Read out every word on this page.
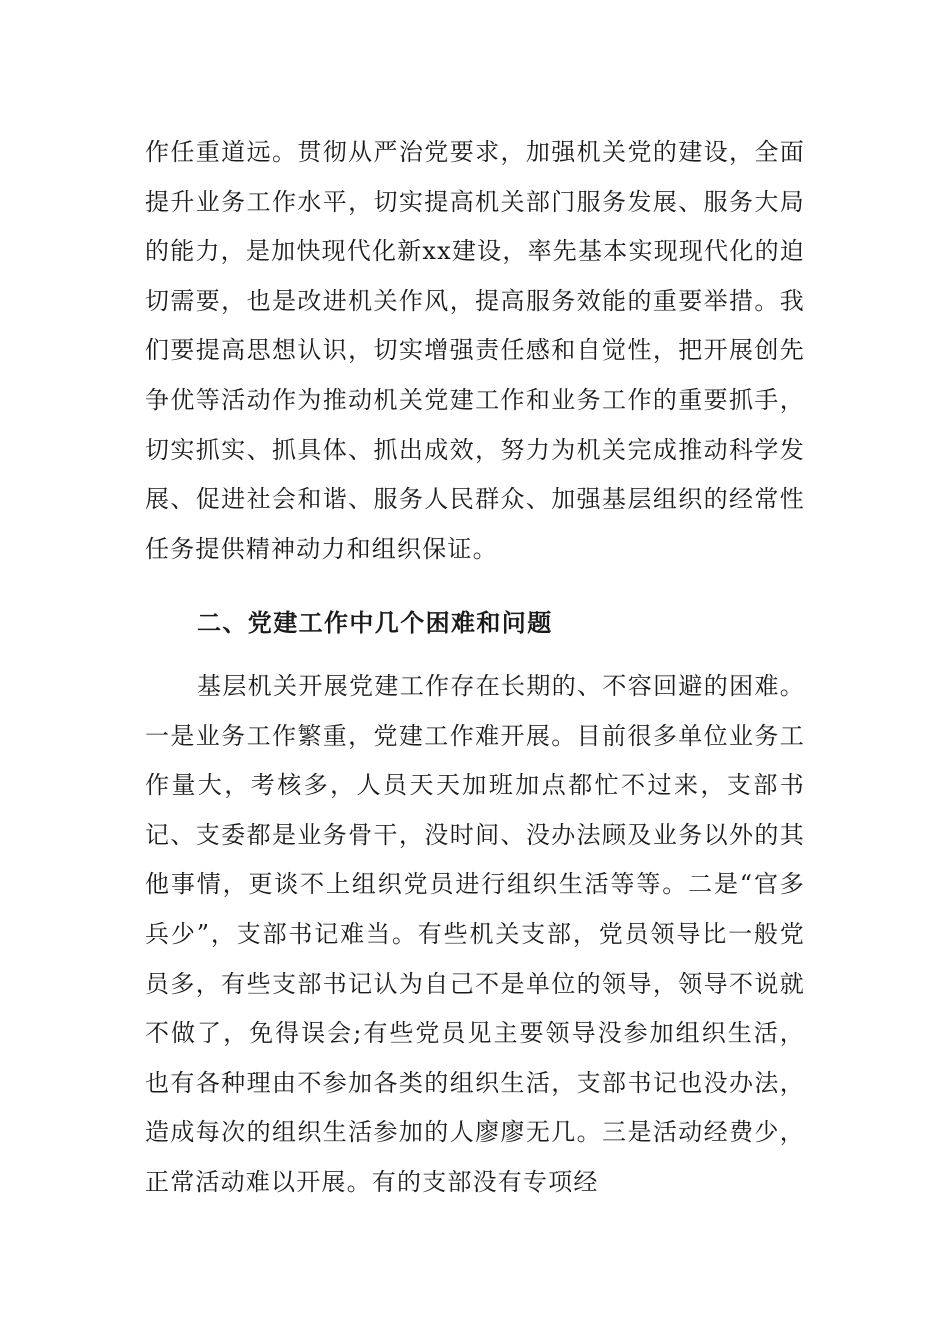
作任重道远。贯彻从严治党要求，加强机关党的建设，全面提升业务工作水平，切实提高机关部门服务发展、服务大局的能力，是加快现代化新xx建设，率先基本实现现代化的迫切需要，也是改进机关作风，提高服务效能的重要举措。我们要提高思想认识，切实增强责任感和自觉性，把开展创先争优等活动作为推动机关党建工作和业务工作的重要抓手，切实抓实、抓具体、抓出成效，努力为机关完成推动科学发展、促进社会和谐、服务人民群众、加强基层组织的经常性任务提供精神动力和组织保证。

二、党建工作中几个困难和问题

基层机关开展党建工作存在长期的、不容回避的困难。一是业务工作繁重，党建工作难开展。目前很多单位业务工作量大，考核多，人员天天加班加点都忙不过来，支部书记、支委都是业务骨干，没时间、没办法顾及业务以外的其他事情，更谈不上组织党员进行组织生活等等。二是“官多兵少”，支部书记难当。有些机关支部，党员领导比一般党员多，有些支部书记认为自己不是单位的领导，领导不说就不做了，免得误会;有些党员见主要领导没参加组织生活，也有各种理由不参加各类的组织生活，支部书记也没办法，造成每次的组织生活参加的人廖廖无几。三是活动经费少，正常活动难以开展。有的支部没有专项经
